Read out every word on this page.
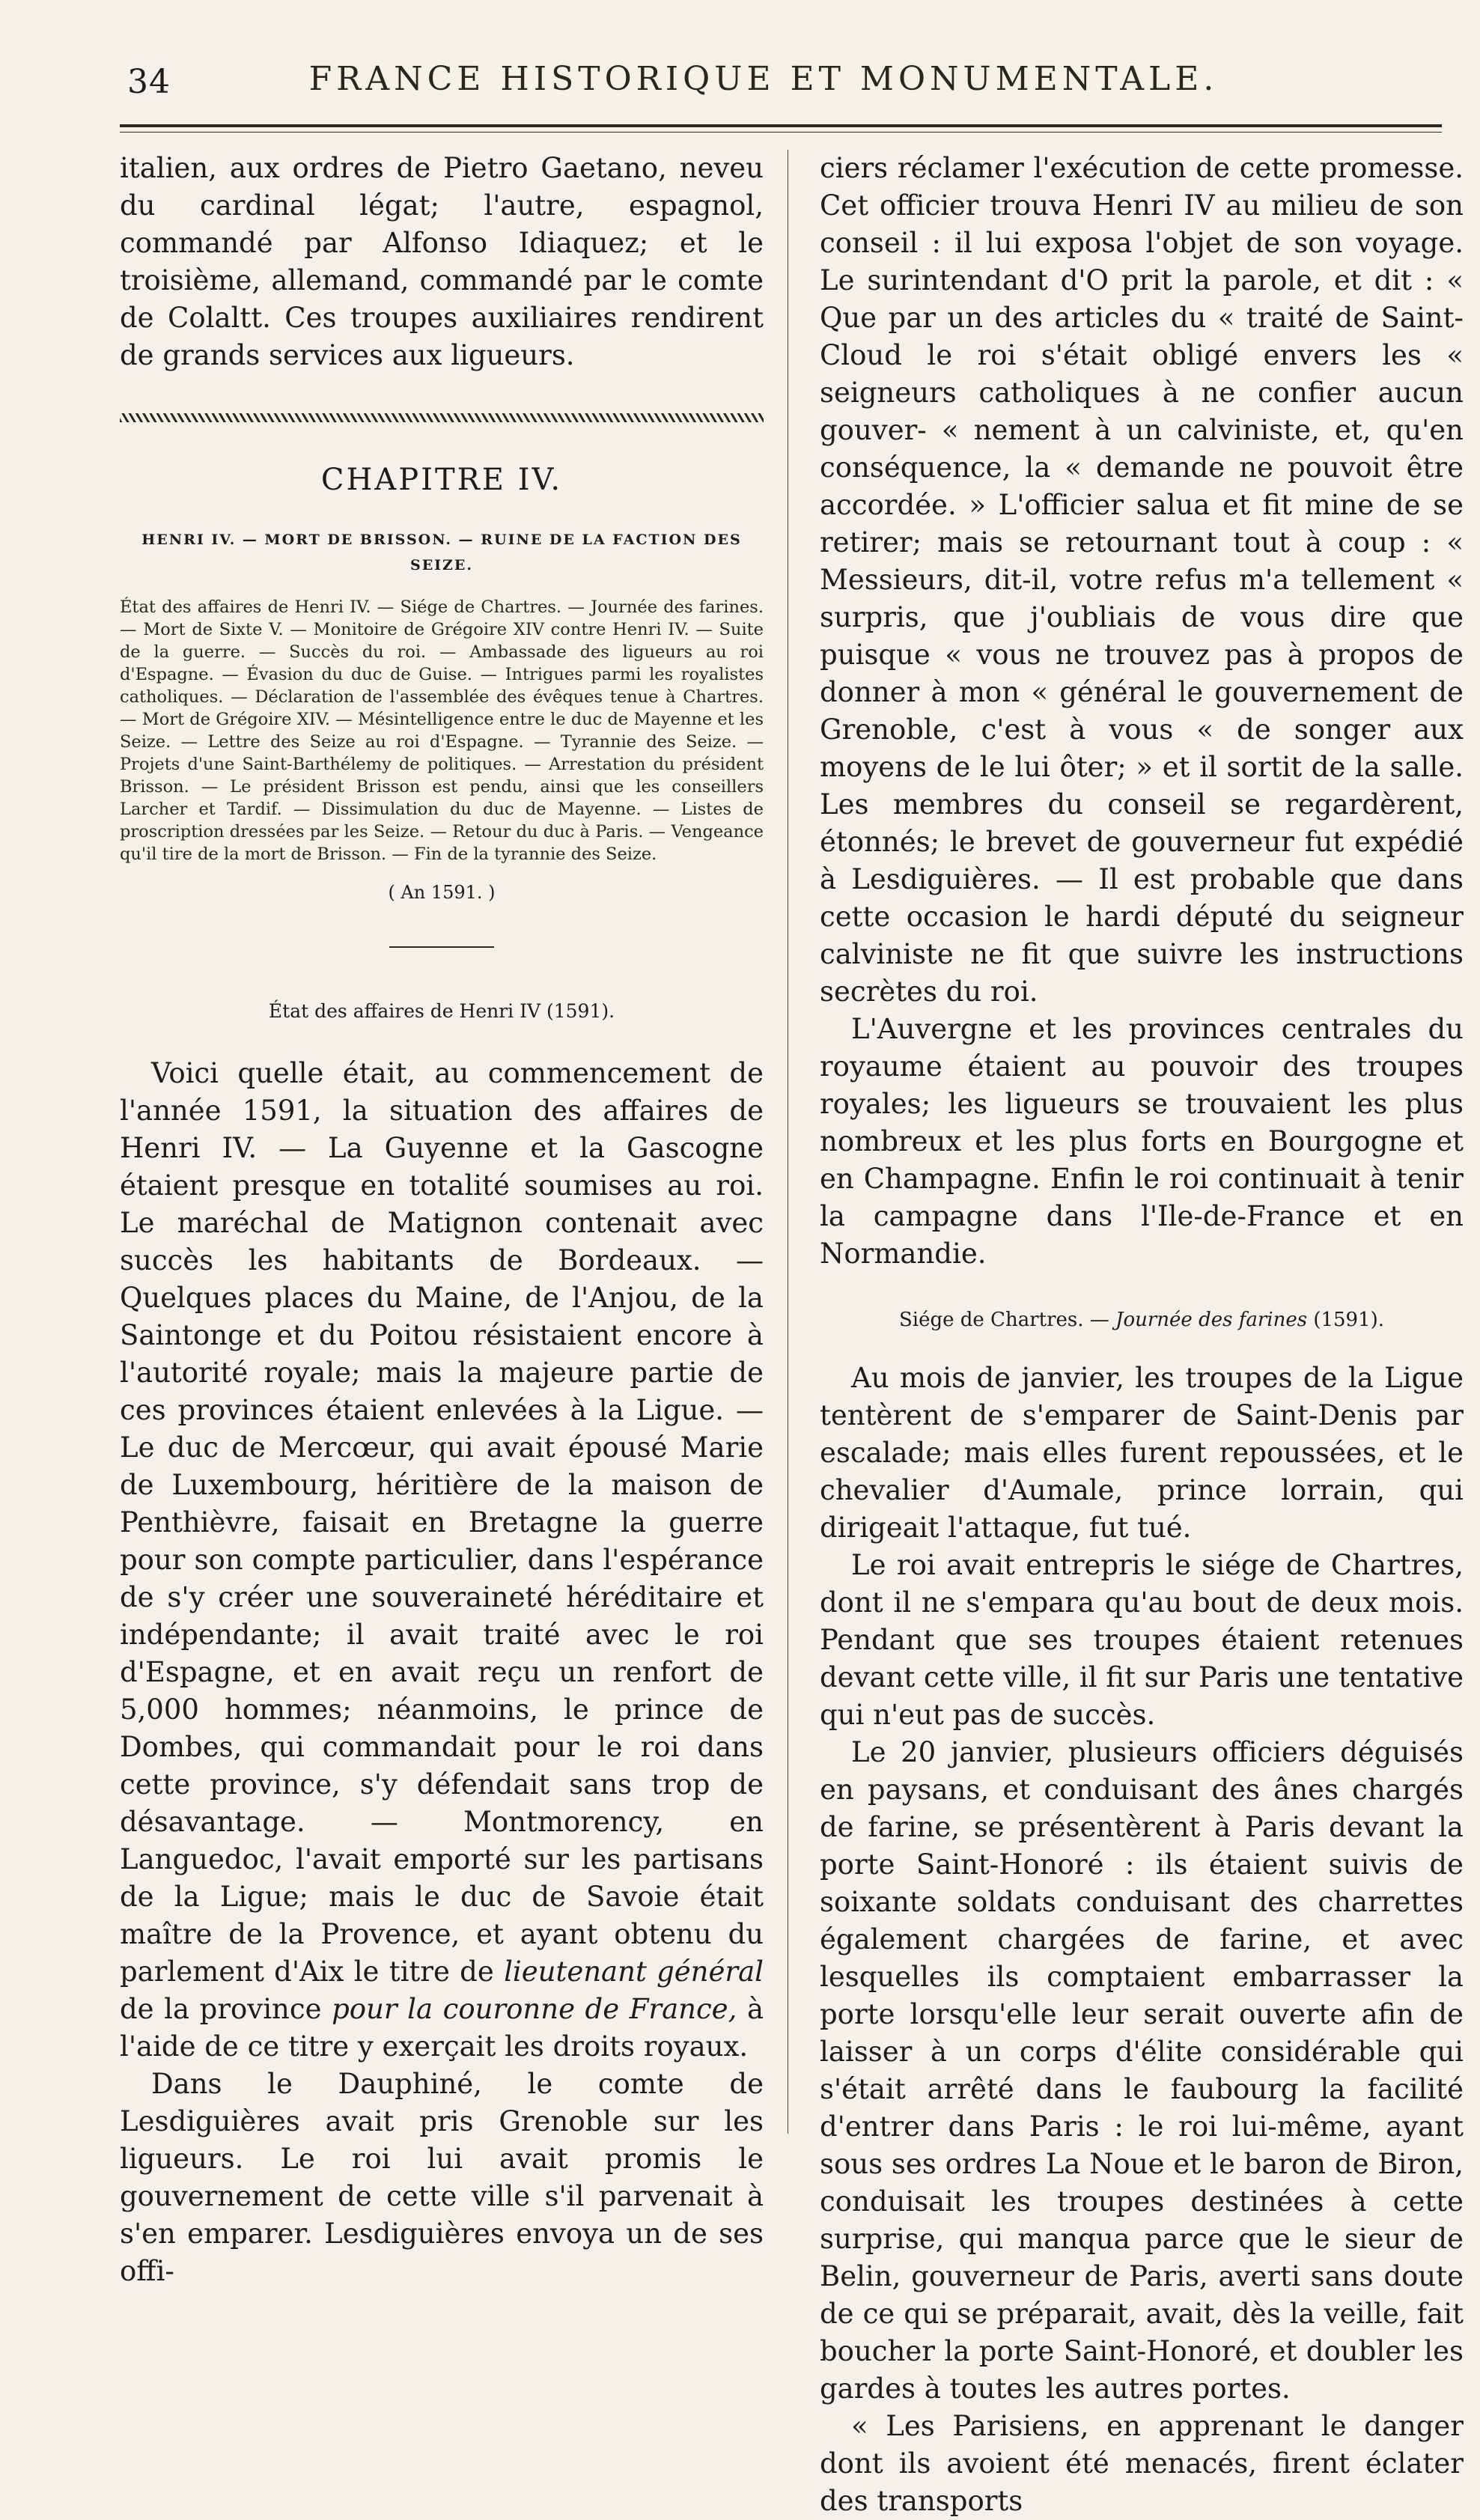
34	FRANCE HISTORIQUE ET MONUMENTALE.

italien, aux ordres de Pietro Gaetano, neveu du cardinal légat; l'autre, espagnol, commandé par Alfonso Idiaquez; et le troisième, allemand, commandé par le comte de Colaltt. Ces troupes auxiliaires rendirent de grands services aux ligueurs.

CHAPITRE IV.
HENRI IV. — MORT DE BRISSON. — RUINE DE LA FACTION DES SEIZE.

État des affaires de Henri IV. — Siége de Chartres. — Journée des farines. — Mort de Sixte V. — Monitoire de Grégoire XIV contre Henri IV. — Suite de la guerre. — Succès du roi. — Ambassade des ligueurs au roi d'Espagne. — Évasion du duc de Guise. — Intrigues parmi les royalistes catholiques. — Déclaration de l'assemblée des évêques tenue à Chartres. — Mort de Grégoire XIV. — Mésintelligence entre le duc de Mayenne et les Seize. — Lettre des Seize au roi d'Espagne. — Tyrannie des Seize. — Projets d'une Saint-Barthélemy de politiques. — Arrestation du président Brisson. — Le président Brisson est pendu, ainsi que les conseillers Larcher et Tardif. — Dissimulation du duc de Mayenne. — Listes de proscription dressées par les Seize. — Retour du duc à Paris. — Vengeance qu'il tire de la mort de Brisson. — Fin de la tyrannie des Seize.

( An 1591. )
État des affaires de Henri IV (1591).

Voici quelle était, au commencement de l'année 1591, la situation des affaires de Henri IV. — La Guyenne et la Gascogne étaient presque en totalité soumises au roi. Le maréchal de Matignon contenait avec succès les habitants de Bordeaux. — Quelques places du Maine, de l'Anjou, de la Saintonge et du Poitou résistaient encore à l'autorité royale; mais la majeure partie de ces provinces étaient enlevées à la Ligue. — Le duc de Mercœur, qui avait épousé Marie de Luxembourg, héritière de la maison de Penthièvre, faisait en Bretagne la guerre pour son compte particulier, dans l'espérance de s'y créer une souveraineté héréditaire et indépendante; il avait traité avec le roi d'Espagne, et en avait reçu un renfort de 5,000 hommes; néanmoins, le prince de Dombes, qui commandait pour le roi dans cette province, s'y défendait sans trop de désavantage. — Montmorency, en Languedoc, l'avait emporté sur les partisans de la Ligue; mais le duc de Savoie était maître de la Provence, et ayant obtenu du parlement d'Aix le titre de lieutenant général de la province pour la couronne de France, à l'aide de ce titre y exerçait les droits royaux.

Dans le Dauphiné, le comte de Lesdiguières avait pris Grenoble sur les ligueurs. Le roi lui avait promis le gouvernement de cette ville s'il parvenait à s'en emparer. Lesdiguières envoya un de ses offi-

ciers réclamer l'exécution de cette promesse. Cet officier trouva Henri IV au milieu de son conseil : il lui exposa l'objet de son voyage. Le surintendant d'O prit la parole, et dit : « Que par un des articles du « traité de Saint-Cloud le roi s'était obligé envers les « seigneurs catholiques à ne confier aucun gouver- « nement à un calviniste, et, qu'en conséquence, la « demande ne pouvoit être accordée. » L'officier salua et fit mine de se retirer; mais se retournant tout à coup : « Messieurs, dit-il, votre refus m'a tellement « surpris, que j'oubliais de vous dire que puisque « vous ne trouvez pas à propos de donner à mon « général le gouvernement de Grenoble, c'est à vous « de songer aux moyens de le lui ôter; » et il sortit de la salle. Les membres du conseil se regardèrent, étonnés; le brevet de gouverneur fut expédié à Lesdiguières. — Il est probable que dans cette occasion le hardi député du seigneur calviniste ne fit que suivre les instructions secrètes du roi.

L'Auvergne et les provinces centrales du royaume étaient au pouvoir des troupes royales; les ligueurs se trouvaient les plus nombreux et les plus forts en Bourgogne et en Champagne. Enfin le roi continuait à tenir la campagne dans l'Ile-de-France et en Normandie.

Siége de Chartres. — Journée des farines (1591).

Au mois de janvier, les troupes de la Ligue tentèrent de s'emparer de Saint-Denis par escalade; mais elles furent repoussées, et le chevalier d'Aumale, prince lorrain, qui dirigeait l'attaque, fut tué.

Le roi avait entrepris le siége de Chartres, dont il ne s'empara qu'au bout de deux mois. Pendant que ses troupes étaient retenues devant cette ville, il fit sur Paris une tentative qui n'eut pas de succès.

Le 20 janvier, plusieurs officiers déguisés en paysans, et conduisant des ânes chargés de farine, se présentèrent à Paris devant la porte Saint-Honoré : ils étaient suivis de soixante soldats conduisant des charrettes également chargées de farine, et avec lesquelles ils comptaient embarrasser la porte lorsqu'elle leur serait ouverte afin de laisser à un corps d'élite considérable qui s'était arrêté dans le faubourg la facilité d'entrer dans Paris : le roi lui-même, ayant sous ses ordres La Noue et le baron de Biron, conduisait les troupes destinées à cette surprise, qui manqua parce que le sieur de Belin, gouverneur de Paris, averti sans doute de ce qui se préparait, avait, dès la veille, fait boucher la porte Saint-Honoré, et doubler les gardes à toutes les autres portes.

« Les Parisiens, en apprenant le danger dont ils avoient été menacés, firent éclater des transports
